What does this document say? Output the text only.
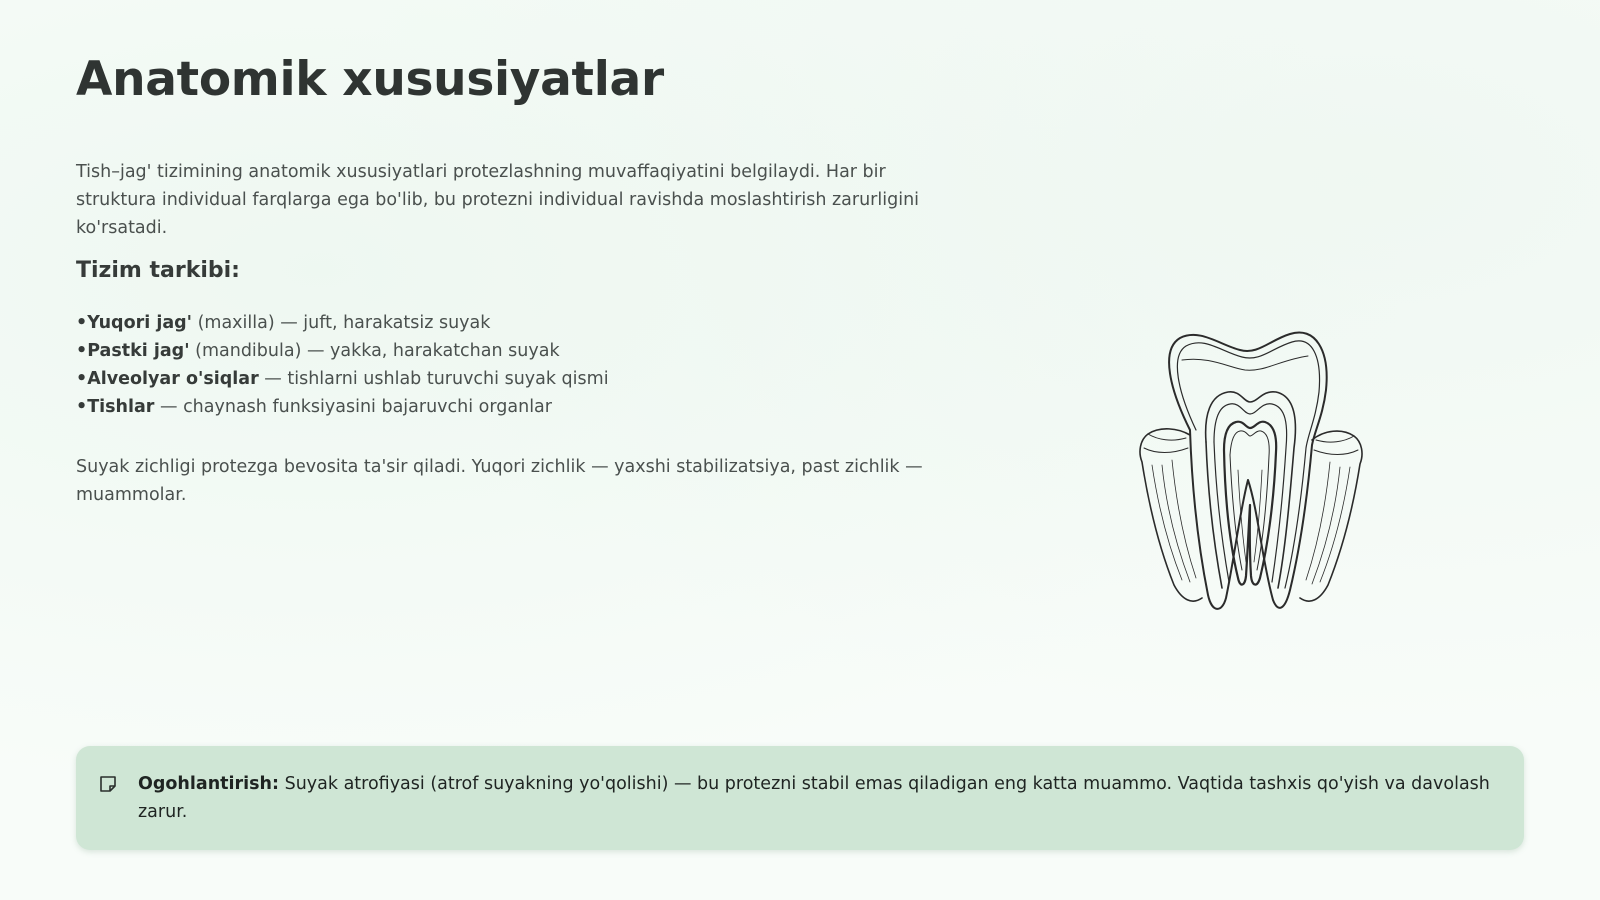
Anatomik xususiyatlar

Tish–jag' tizimining anatomik xususiyatlari protezlashning muvaffaqiyatini belgilaydi. Har bir struktura individual farqlarga ega bo'lib, bu protezni individual ravishda moslashtirish zarurligini ko'rsatadi.

Tizim tarkibi:
•Yuqori jag' (maxilla) — juft, harakatsiz suyak
•Pastki jag' (mandibula) — yakka, harakatchan suyak
•Alveolyar o'siqlar — tishlarni ushlab turuvchi suyak qismi
•Tishlar — chaynash funksiyasini bajaruvchi organlar

Suyak zichligi protezga bevosita ta'sir qiladi. Yuqori zichlik — yaxshi stabilizatsiya, past zichlik — muammolar.

Ogohlantirish: Suyak atrofiyasi (atrof suyakning yo'qolishi) — bu protezni stabil emas qiladigan eng katta muammo. Vaqtida tashxis qo'yish va davolash zarur.
